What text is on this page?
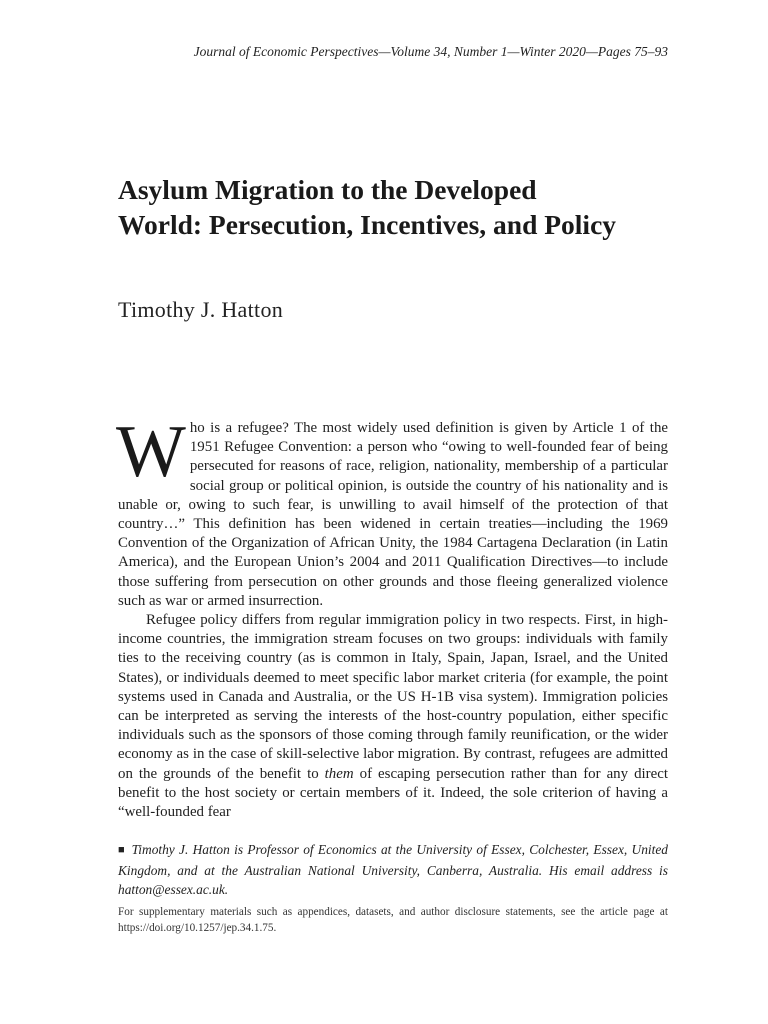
Journal of Economic Perspectives—Volume 34, Number 1—Winter 2020—Pages 75–93
Asylum Migration to the Developed
World: Persecution, Incentives, and Policy
Timothy J. Hatton

Who is a refugee? The most widely used definition is given by Article 1 of the 1951 Refugee Convention: a person who “owing to well-founded fear of being persecuted for reasons of race, religion, nationality, membership of a particular social group or political opinion, is outside the country of his nationality and is unable or, owing to such fear, is unwilling to avail himself of the protection of that country…” This definition has been widened in certain treaties—including the 1969 Convention of the Organization of African Unity, the 1984 Cartagena Declaration (in Latin America), and the European Union’s 2004 and 2011 Qualification Directives—to include those suffering from persecution on other grounds and those fleeing generalized violence such as war or armed insurrection.

Refugee policy differs from regular immigration policy in two respects. First, in high-income countries, the immigration stream focuses on two groups: individuals with family ties to the receiving country (as is common in Italy, Spain, Japan, Israel, and the United States), or individuals deemed to meet specific labor market criteria (for example, the point systems used in Canada and Australia, or the US H-1B visa system). Immigration policies can be interpreted as serving the interests of the host-country population, either specific individuals such as the sponsors of those coming through family reunification, or the wider economy as in the case of skill-selective labor migration. By contrast, refugees are admitted on the grounds of the benefit to them of escaping persecution rather than for any direct benefit to the host society or certain members of it. Indeed, the sole criterion of having a “well-founded fear

■ Timothy J. Hatton is Professor of Economics at the University of Essex, Colchester, Essex, United Kingdom, and at the Australian National University, Canberra, Australia. His email address is hatton@essex.ac.uk.
For supplementary materials such as appendices, datasets, and author disclosure statements, see the article page at https://doi.org/10.1257/jep.34.1.75.
